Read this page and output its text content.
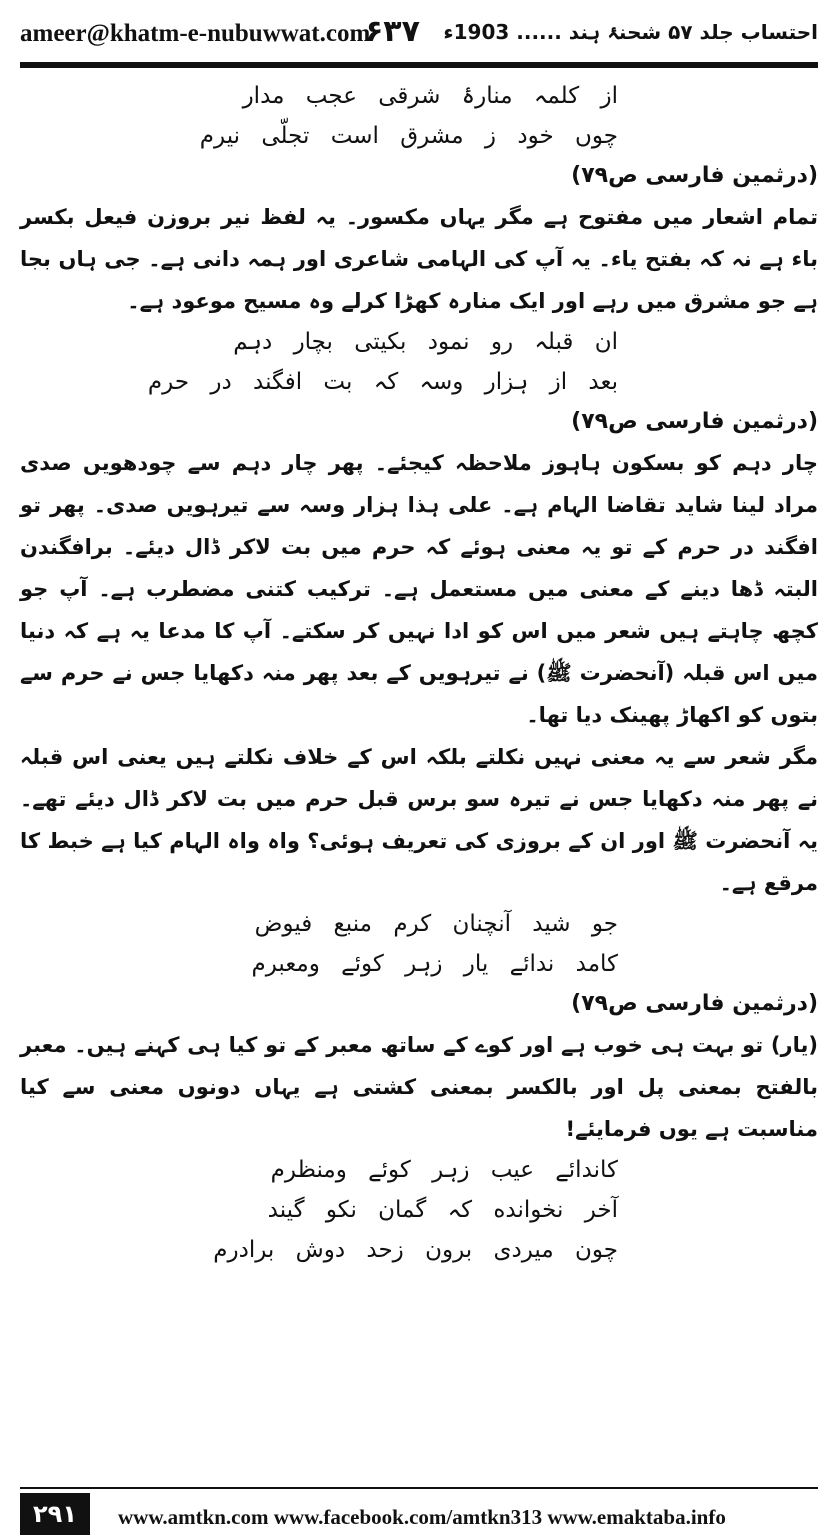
ameer@khatm-e-nubuwwat.com
۶۳۷ احتساب جلد ۵۷ شحنۂ ہند ...... 1903ء
از کلمہ منارۂ شرقی عجب مدار
چوں خود ز مشرق است تجلّی نیرم
(درثمین فارسی ص۷۹)

تمام اشعار میں مفتوح ہے مگر یہاں مکسور۔ یہ لفظ نیر بروزن فیعل بکسر باء ہے نہ کہ بفتح یاء۔ یہ آپ کی الہامی شاعری اور ہمہ دانی ہے۔ جی ہاں بجا ہے جو مشرق میں رہے اور ایک منارہ کھڑا کرلے وہ مسیح موعود ہے۔

ان قبلہ رو نمود بکیتی بچار دہم
بعد از ہزار وسہ کہ بت افگند در حرم
(درثمین فارسی ص۷۹)

چار دہم کو بسکون ہاہوز ملاحظہ کیجئے۔ پھر چار دہم سے چودھویں صدی مراد لینا شاید تقاضا الہام ہے۔ علی ہذا ہزار وسہ سے تیرہویں صدی۔ پھر تو افگند در حرم کے تو یہ معنی ہوئے کہ حرم میں بت لاکر ڈال دیئے۔ برافگندن البتہ ڈھا دینے کے معنی میں مستعمل ہے۔ ترکیب کتنی مضطرب ہے۔ آپ جو کچھ چاہتے ہیں شعر میں اس کو ادا نہیں کر سکتے۔ آپ کا مدعا یہ ہے کہ دنیا میں اس قبلہ (آنحضرت ﷺ) نے تیرہویں کے بعد پھر منہ دکھایا جس نے حرم سے بتوں کو اکھاڑ پھینک دیا تھا۔

مگر شعر سے یہ معنی نہیں نکلتے بلکہ اس کے خلاف نکلتے ہیں یعنی اس قبلہ نے پھر منہ دکھایا جس نے تیرہ سو برس قبل حرم میں بت لاکر ڈال دیئے تھے۔ یہ آنحضرت ﷺ اور ان کے بروزی کی تعریف ہوئی؟ واہ واہ الہام کیا ہے خبط کا مرقع ہے۔

جو شید آنچنان کرم منبع فیوض
کامد ندائے یار زہر کوئے ومعبرم
(درثمین فارسی ص۷۹)

(یار) تو بہت ہی خوب ہے اور کوے کے ساتھ معبر کے تو کیا ہی کہنے ہیں۔ معبر بالفتح بمعنی پل اور بالکسر بمعنی کشتی ہے یہاں دونوں معنی سے کیا مناسبت ہے یوں فرمایئے!

کاندائے عیب زہر کوئے ومنظرم
آخر نخوانده کہ گمان نکو گیند
چون میردی برون زحد دوش برادرم
۲۹۱	www.amtkn.com www.facebook.com/amtkn313 www.emaktaba.info
